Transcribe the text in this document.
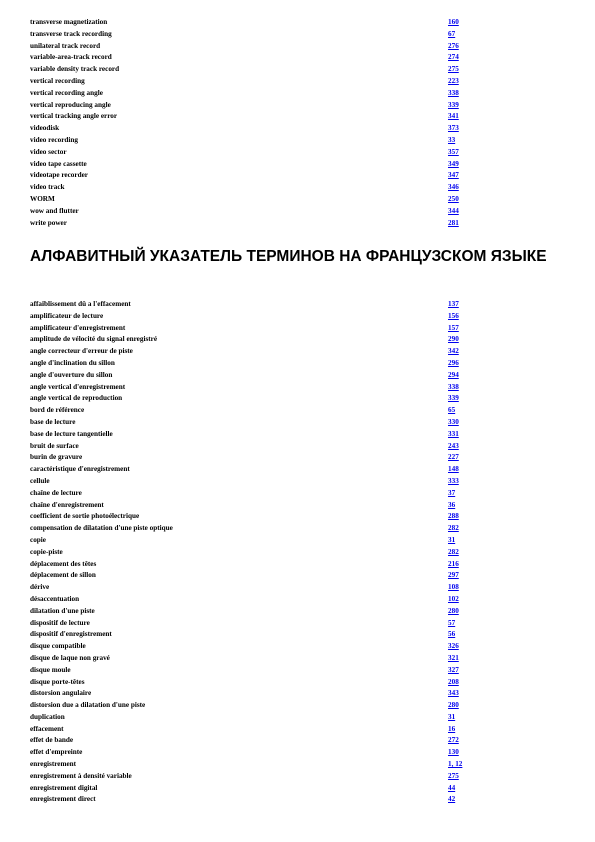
transverse magnetization	160
transverse track recording	67
unilateral track record	276
variable-area-track record	274
variable density track record	275
vertical recording	223
vertical recording angle	338
vertical reproducing angle	339
vertical tracking angle error	341
videodisk	373
video recording	33
video sector	357
video tape cassette	349
videotape recorder	347
video track	346
WORM	250
wow and flutter	344
write power	281
АЛФАВИТНЫЙ УКАЗАТЕЛЬ ТЕРМИНОВ НА ФРАНЦУЗСКОМ ЯЗЫКЕ
affaiblissement dû a l'effacement	137
amplificateur de lecture	156
amplificateur d'enregistrement	157
amplitude de vélocité du signal enregistré	290
angle correcteur d'erreur de piste	342
angle d'inclination du sillon	296
angle d'ouverture du sillon	294
angle vertical d'enregistrement	338
angle vertical de reproduction	339
bord de référence	65
base de lecture	330
base de lecture tangentielle	331
bruit de surface	243
burin de gravure	227
caractéristique d'enregistrement	148
cellule	333
chaîne de lecture	37
chaîne d'enregistrement	36
coefficient de sortie photoélectrique	288
compensation de dilatation d'une piste optique	282
copie	31
copie-piste	282
déplacement des têtes	216
déplacement de sillon	297
dérive	108
désaccentuation	102
dilatation d'une piste	280
dispositif de lecture	57
dispositif d'enregistrement	56
disque compatible	326
disque de laque non gravé	321
disque moule	327
disque porte-têtes	208
distorsion angulaire	343
distorsion due a dilatation d'une piste	280
duplication	31
effacement	16
effet de bande	272
effet d'empreinte	130
enregistrement	1, 12
enregistrement à densité variable	275
enregistrement digital	44
enregistrement direct	42
